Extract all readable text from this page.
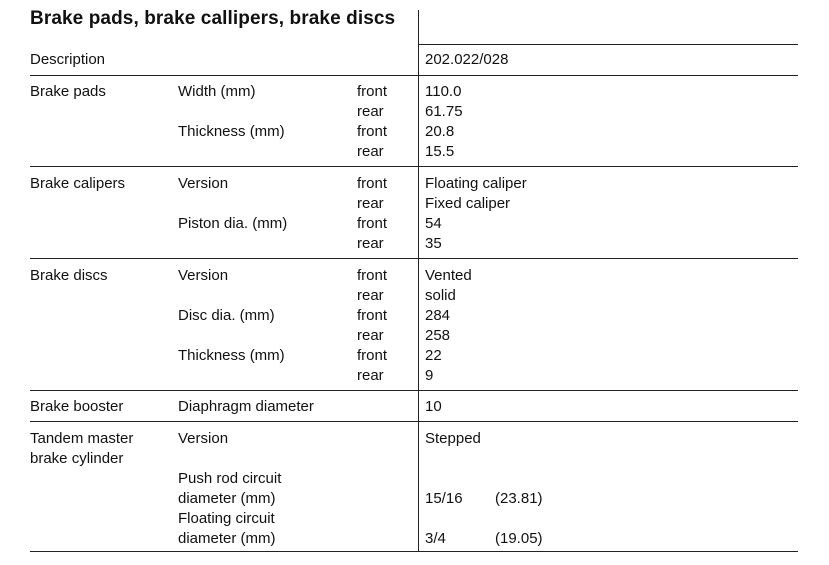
Brake pads, brake callipers, brake discs
Description	202.022/028
Brake pads	Width (mm)	front	110.0
rear	61.75
Thickness (mm)	front	20.8
rear	15.5
Brake calipers	Version	front	Floating caliper
rear	Fixed caliper
Piston dia. (mm)	front	54
rear	35
Brake discs	Version	front	Vented
rear	solid
Disc dia. (mm)	front	284
rear	258
Thickness (mm)	front	22
rear	9
Brake booster	Diaphragm diameter	10
Tandem master
brake cylinder
Version	Stepped
Push rod circuit
diameter (mm)	15/16 (23.81)
Floating circuit
diameter (mm)	3/4	(19.05)
